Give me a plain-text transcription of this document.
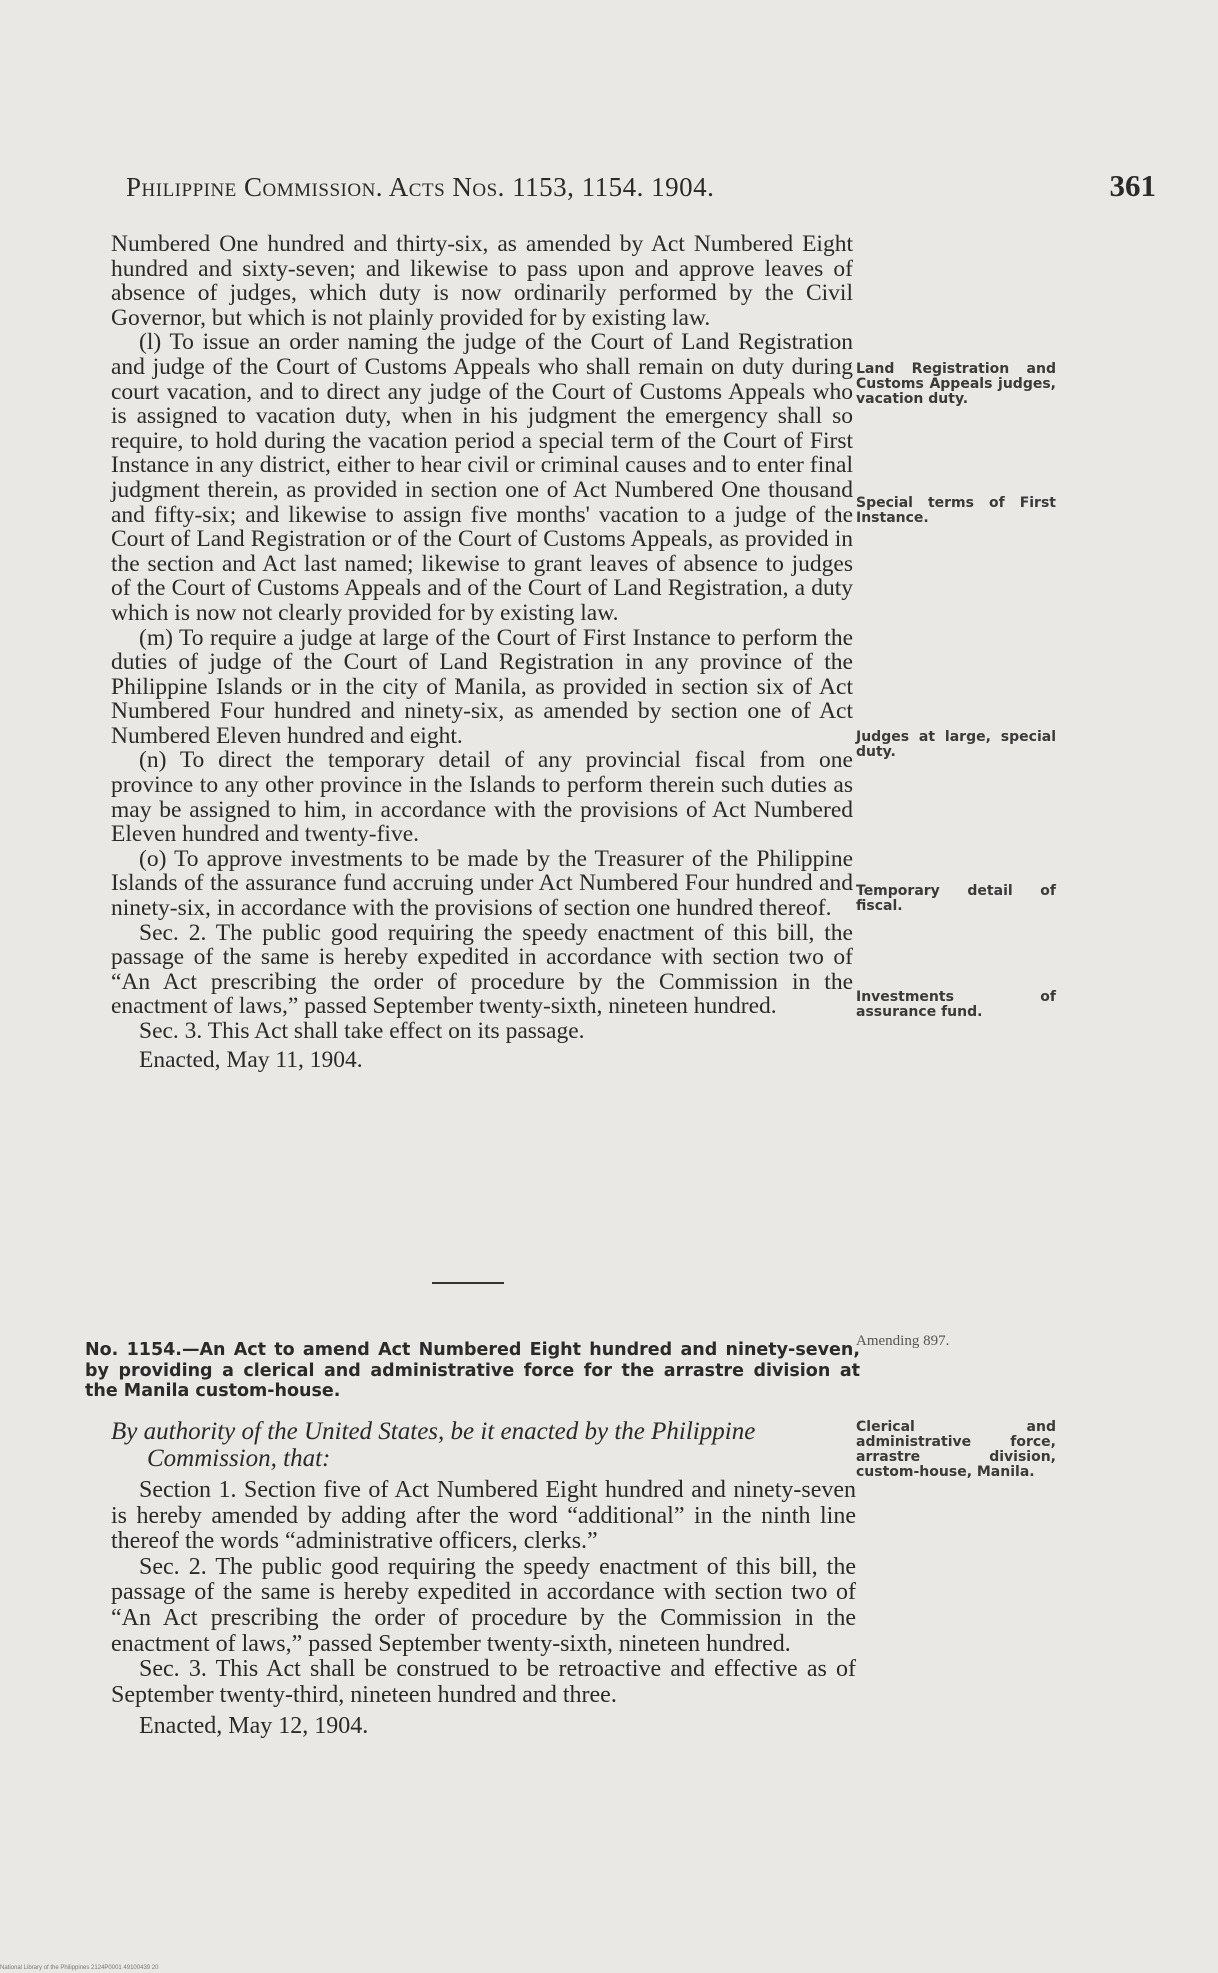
Philippine Commission. Acts Nos. 1153, 1154. 1904.	361

Numbered One hundred and thirty-six, as amended by Act Numbered Eight hundred and sixty-seven; and likewise to pass upon and approve leaves of absence of judges, which duty is now ordinarily performed by the Civil Governor, but which is not plainly provided for by existing law.

(l) To issue an order naming the judge of the Court of Land Registration and judge of the Court of Customs Appeals who shall remain on duty during court vacation, and to direct any judge of the Court of Customs Appeals who is assigned to vacation duty, when in his judgment the emergency shall so require, to hold during the vacation period a special term of the Court of First Instance in any district, either to hear civil or criminal causes and to enter final judgment therein, as provided in section one of Act Numbered One thousand and fifty-six; and likewise to assign five months' vacation to a judge of the Court of Land Registration or of the Court of Customs Appeals, as provided in the section and Act last named; likewise to grant leaves of absence to judges of the Court of Customs Appeals and of the Court of Land Registration, a duty which is now not clearly provided for by existing law.

(m) To require a judge at large of the Court of First Instance to perform the duties of judge of the Court of Land Registration in any province of the Philippine Islands or in the city of Manila, as provided in section six of Act Numbered Four hundred and ninety-six, as amended by section one of Act Numbered Eleven hundred and eight.

(n) To direct the temporary detail of any provincial fiscal from one province to any other province in the Islands to perform therein such duties as may be assigned to him, in accordance with the provisions of Act Numbered Eleven hundred and twenty-five.

(o) To approve investments to be made by the Treasurer of the Philippine Islands of the assurance fund accruing under Act Numbered Four hundred and ninety-six, in accordance with the provisions of section one hundred thereof.

Sec. 2. The public good requiring the speedy enactment of this bill, the passage of the same is hereby expedited in accordance with section two of “An Act prescribing the order of procedure by the Commission in the enactment of laws,” passed September twenty-sixth, nineteen hundred.

Sec. 3. This Act shall take effect on its passage.

Enacted, May 11, 1904.

Land Registration and Customs Appeals judges, vacation duty.
Special terms of First Instance.
Judges at large, special duty.
Temporary detail of fiscal.
Investments of assurance fund.
Amending 897.
No. 1154.—An Act to amend Act Numbered Eight hundred and ninety-seven, by providing a clerical and administrative force for the arrastre division at the Manila custom-house.
By authority of the United States, be it enacted by the Philippine
Commission, that:
Clerical and administrative force, arrastre division, custom-house, Manila.

Section 1. Section five of Act Numbered Eight hundred and ninety-seven is hereby amended by adding after the word “additional” in the ninth line thereof the words “administrative officers, clerks.”

Sec. 2. The public good requiring the speedy enactment of this bill, the passage of the same is hereby expedited in accordance with section two of “An Act prescribing the order of procedure by the Commission in the enactment of laws,” passed September twenty-sixth, nineteen hundred.

Sec. 3. This Act shall be construed to be retroactive and effective as of September twenty-third, nineteen hundred and three.

Enacted, May 12, 1904.

National Library of the Philippines 2124P0001 49100439 20
